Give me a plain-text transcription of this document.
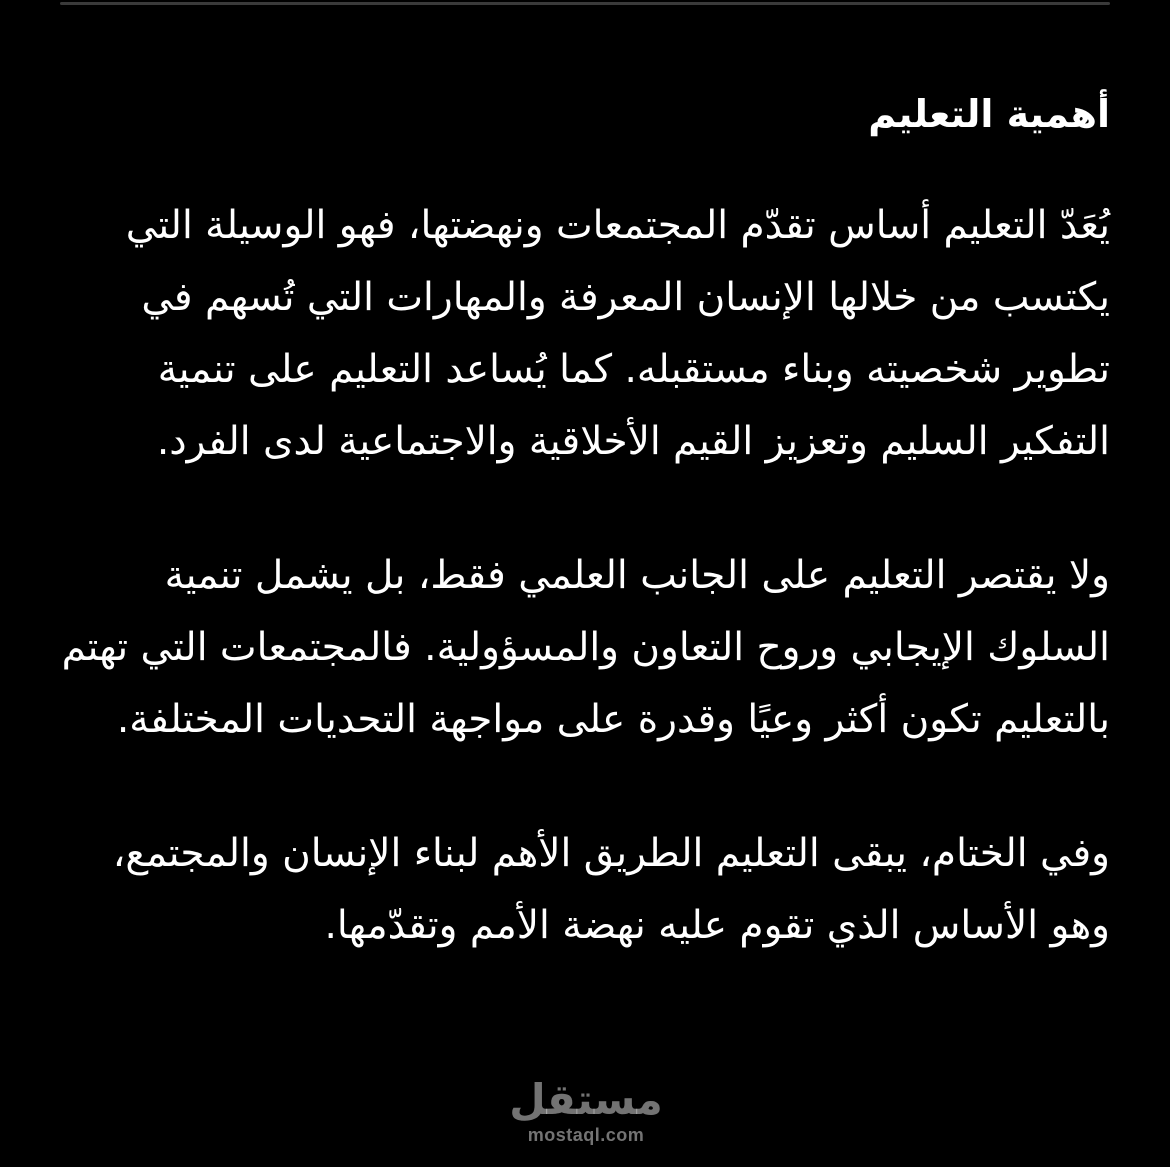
أهمية التعليم

يُعَدّ التعليم أساس تقدّم المجتمعات ونهضتها، فهو الوسيلة التي يكتسب من خلالها الإنسان المعرفة والمهارات التي تُسهم في تطوير شخصيته وبناء مستقبله. كما يُساعد التعليم على تنمية التفكير السليم وتعزيز القيم الأخلاقية والاجتماعية لدى الفرد.

ولا يقتصر التعليم على الجانب العلمي فقط، بل يشمل تنمية السلوك الإيجابي وروح التعاون والمسؤولية. فالمجتمعات التي تهتم بالتعليم تكون أكثر وعيًا وقدرة على مواجهة التحديات المختلفة.

وفي الختام، يبقى التعليم الطريق الأهم لبناء الإنسان والمجتمع، وهو الأساس الذي تقوم عليه نهضة الأمم وتقدّمها.

مستقل
mostaql.com
